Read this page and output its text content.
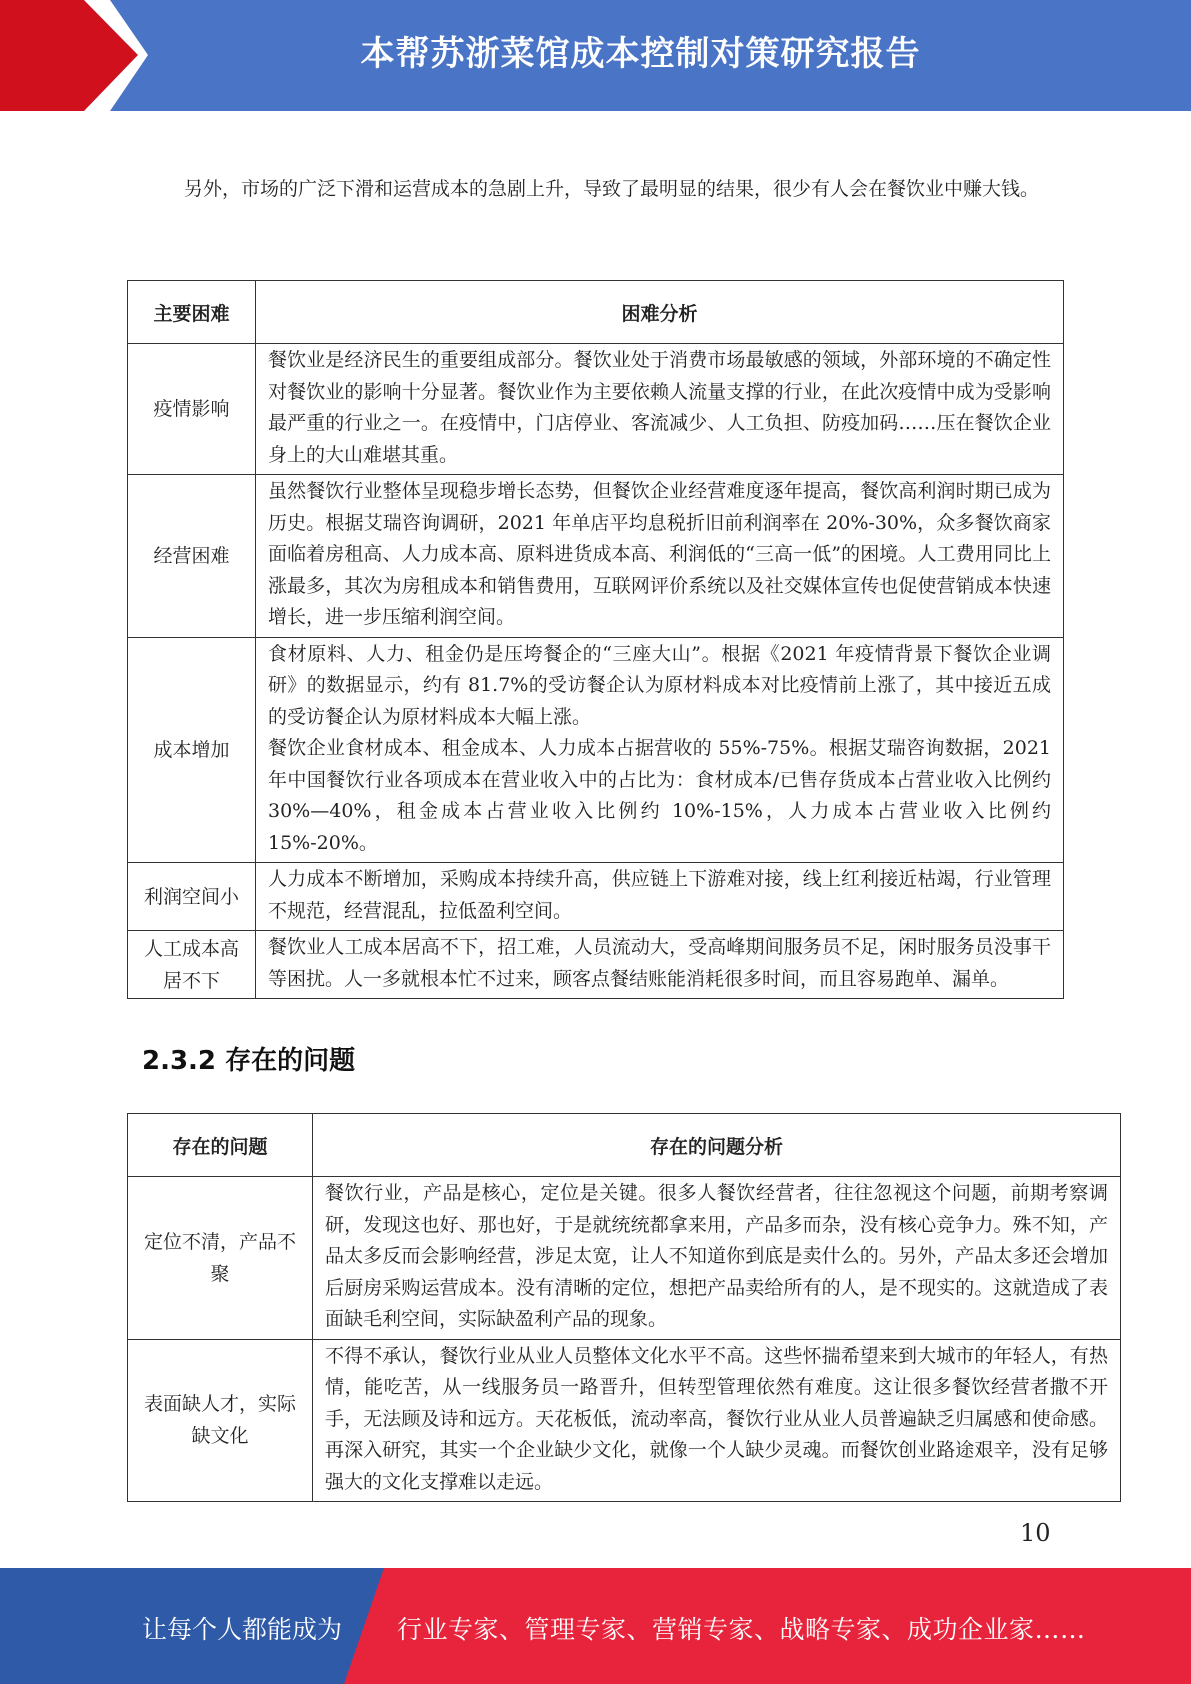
本帮苏浙菜馆成本控制对策研究报告

另外，市场的广泛下滑和运营成本的急剧上升，导致了最明显的结果，很少有人会在餐饮业中赚大钱。

主要困难	困难分析
疫情影响	餐饮业是经济民生的重要组成部分。餐饮业处于消费市场最敏感的领域，外部环境的不确定性对餐饮业的影响十分显著。餐饮业作为主要依赖人流量支撑的行业，在此次疫情中成为受影响最严重的行业之一。在疫情中，门店停业、客流减少、人工负担、防疫加码……压在餐饮企业身上的大山难堪其重。
经营困难	虽然餐饮行业整体呈现稳步增长态势，但餐饮企业经营难度逐年提高，餐饮高利润时期已成为历史。根据艾瑞咨询调研，2021 年单店平均息税折旧前利润率在 20%-30%，众多餐饮商家面临着房租高、人力成本高、原料进货成本高、利润低的“三高一低”的困境。人工费用同比上涨最多，其次为房租成本和销售费用，互联网评价系统以及社交媒体宣传也促使营销成本快速增长，进一步压缩利润空间。
成本增加	食材原料、人力、租金仍是压垮餐企的“三座大山”。根据《2021 年疫情背景下餐饮企业调研》的数据显示，约有 81.7%的受访餐企认为原材料成本对比疫情前上涨了，其中接近五成的受访餐企认为原材料成本大幅上涨。
餐饮企业食材成本、租金成本、人力成本占据营收的 55%-75%。根据艾瑞咨询数据，2021 年中国餐饮行业各项成本在营业收入中的占比为：食材成本/已售存货成本占营业收入比例约 30%—40%，租金成本占营业收入比例约 10%-15%，人力成本占营业收入比例约 15%-20%。

利润空间小	人力成本不断增加，采购成本持续升高，供应链上下游难对接，线上红利接近枯竭，行业管理不规范，经营混乱，拉低盈利空间。
人工成本高居不下	餐饮业人工成本居高不下，招工难，人员流动大，受高峰期间服务员不足，闲时服务员没事干等困扰。人一多就根本忙不过来，顾客点餐结账能消耗很多时间，而且容易跑单、漏单。
2.3.2 存在的问题
存在的问题	存在的问题分析
定位不清，产品不聚	餐饮行业，产品是核心，定位是关键。很多人餐饮经营者，往往忽视这个问题，前期考察调研，发现这也好、那也好，于是就统统都拿来用，产品多而杂，没有核心竞争力。殊不知，产品太多反而会影响经营，涉足太宽，让人不知道你到底是卖什么的。另外，产品太多还会增加后厨房采购运营成本。没有清晰的定位，想把产品卖给所有的人，是不现实的。这就造成了表面缺毛利空间，实际缺盈利产品的现象。
表面缺人才，实际缺文化	不得不承认，餐饮行业从业人员整体文化水平不高。这些怀揣希望来到大城市的年轻人，有热情，能吃苦，从一线服务员一路晋升，但转型管理依然有难度。这让很多餐饮经营者撒不开手，无法顾及诗和远方。天花板低，流动率高，餐饮行业从业人员普遍缺乏归属感和使命感。再深入研究，其实一个企业缺少文化，就像一个人缺少灵魂。而餐饮创业路途艰辛，没有足够强大的文化支撑难以走远。
10
让每个人都能成为 行业专家、管理专家、营销专家、战略专家、成功企业家……
